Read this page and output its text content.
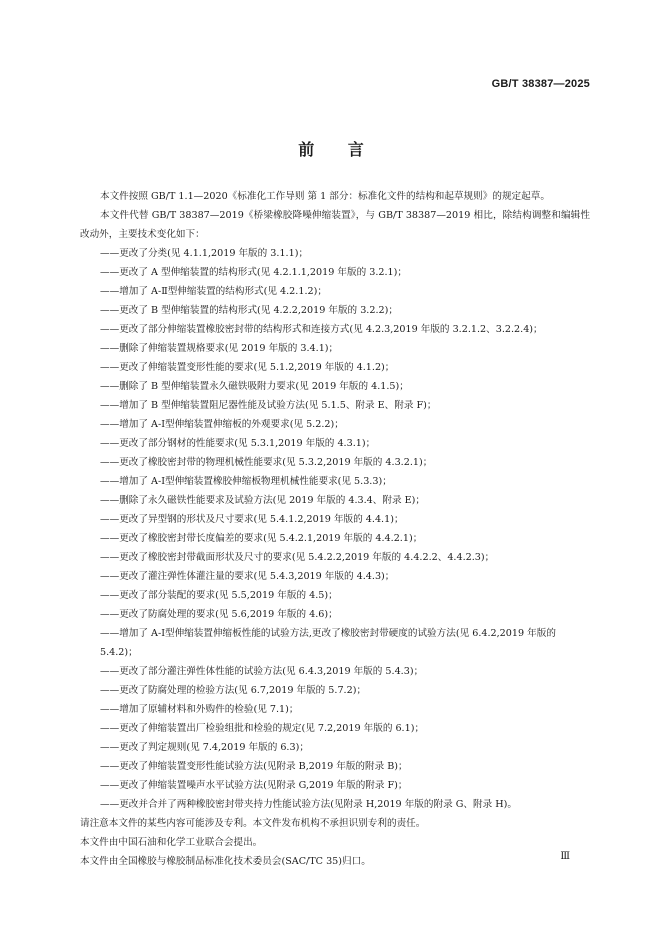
GB/T 38387—2025
前 言

本文件按照 GB/T 1.1—2020《标准化工作导则 第 1 部分：标准化文件的结构和起草规则》的规定起草。

本文件代替 GB/T 38387—2019《桥梁橡胶降噪伸缩装置》，与 GB/T 38387—2019 相比，除结构调整和编辑性改动外，主要技术变化如下：

——更改了分类(见 4.1.1,2019 年版的 3.1.1)；
——更改了 A 型伸缩装置的结构形式(见 4.2.1.1,2019 年版的 3.2.1)；
——增加了 A-Ⅱ型伸缩装置的结构形式(见 4.2.1.2)；
——更改了 B 型伸缩装置的结构形式(见 4.2.2,2019 年版的 3.2.2)；
——更改了部分伸缩装置橡胶密封带的结构形式和连接方式(见 4.2.3,2019 年版的 3.2.1.2、3.2.2.4)；
——删除了伸缩装置规格要求(见 2019 年版的 3.4.1)；
——更改了伸缩装置变形性能的要求(见 5.1.2,2019 年版的 4.1.2)；
——删除了 B 型伸缩装置永久磁铁吸附力要求(见 2019 年版的 4.1.5)；
——增加了 B 型伸缩装置阻尼器性能及试验方法(见 5.1.5、附录 E、附录 F)；
——增加了 A-Ⅰ型伸缩装置伸缩板的外观要求(见 5.2.2)；
——更改了部分钢材的性能要求(见 5.3.1,2019 年版的 4.3.1)；
——更改了橡胶密封带的物理机械性能要求(见 5.3.2,2019 年版的 4.3.2.1)；
——增加了 A-Ⅰ型伸缩装置橡胶伸缩板物理机械性能要求(见 5.3.3)；
——删除了永久磁铁性能要求及试验方法(见 2019 年版的 4.3.4、附录 E)；
——更改了异型钢的形状及尺寸要求(见 5.4.1.2,2019 年版的 4.4.1)；
——更改了橡胶密封带长度偏差的要求(见 5.4.2.1,2019 年版的 4.4.2.1)；
——更改了橡胶密封带截面形状及尺寸的要求(见 5.4.2.2,2019 年版的 4.4.2.2、4.4.2.3)；
——更改了灌注弹性体灌注量的要求(见 5.4.3,2019 年版的 4.4.3)；
——更改了部分装配的要求(见 5.5,2019 年版的 4.5)；
——更改了防腐处理的要求(见 5.6,2019 年版的 4.6)；
——增加了 A-Ⅰ型伸缩装置伸缩板性能的试验方法,更改了橡胶密封带硬度的试验方法(见 6.4.2,2019 年版的 5.4.2)；
——更改了部分灌注弹性体性能的试验方法(见 6.4.3,2019 年版的 5.4.3)；
——更改了防腐处理的检验方法(见 6.7,2019 年版的 5.7.2)；
——增加了原辅材料和外购件的检验(见 7.1)；
——更改了伸缩装置出厂检验组批和检验的规定(见 7.2,2019 年版的 6.1)；
——更改了判定规则(见 7.4,2019 年版的 6.3)；
——更改了伸缩装置变形性能试验方法(见附录 B,2019 年版的附录 B)；
——更改了伸缩装置噪声水平试验方法(见附录 G,2019 年版的附录 F)；
——更改并合并了两种橡胶密封带夹持力性能试验方法(见附录 H,2019 年版的附录 G、附录 H)。

请注意本文件的某些内容可能涉及专利。本文件发布机构不承担识别专利的责任。

本文件由中国石油和化学工业联合会提出。

本文件由全国橡胶与橡胶制品标准化技术委员会(SAC/TC 35)归口。	Ⅲ
